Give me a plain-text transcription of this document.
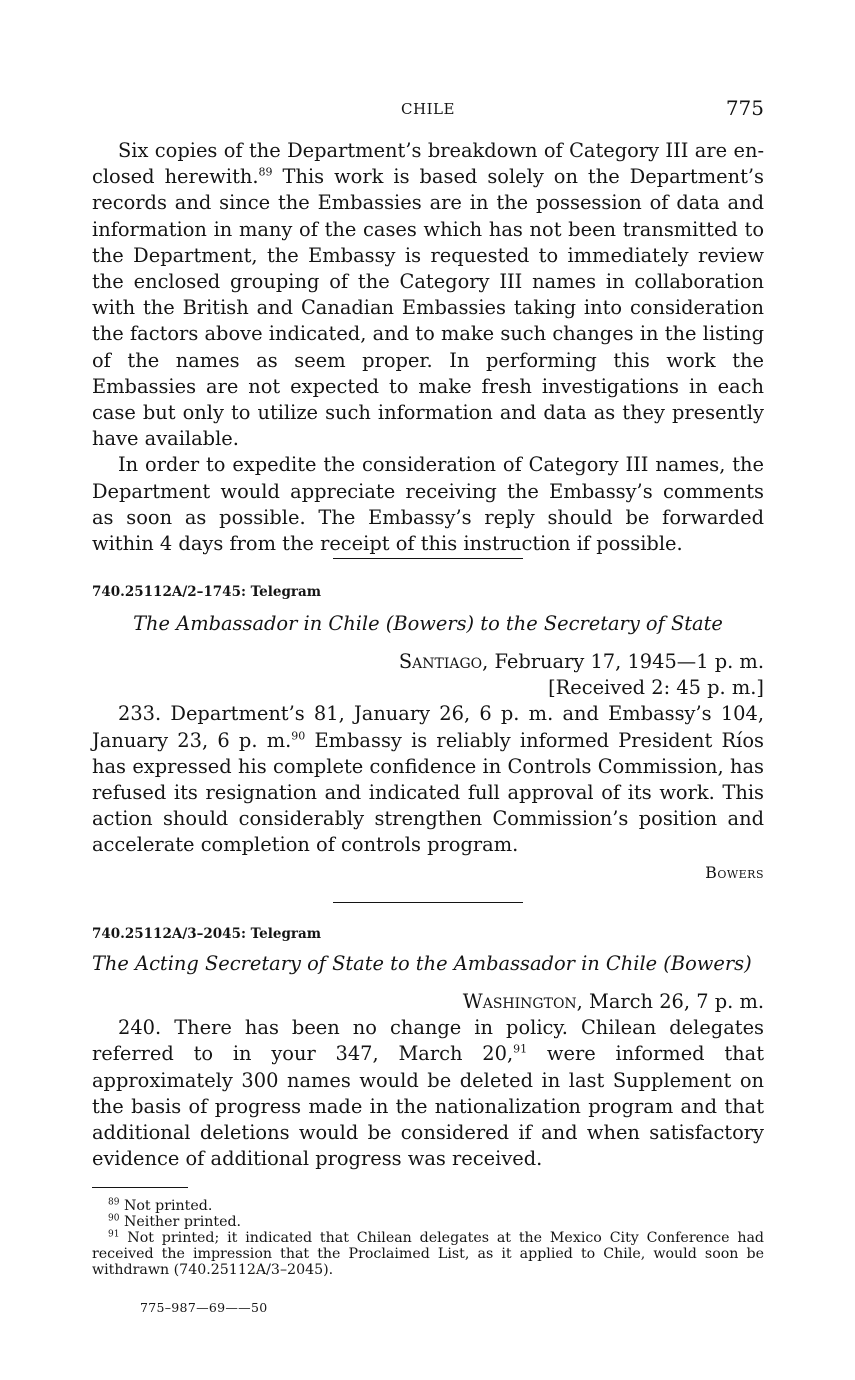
CHILE	775

Six copies of the Department’s breakdown of Category III are en-closed herewith.$^{89}$ This work is based solely on the Department’s records and since the Embassies are in the possession of data and information in many of the cases which has not been transmitted to the Department, the Embassy is requested to immediately review the enclosed grouping of the Category III names in collaboration with the British and Canadian Embassies taking into consideration the factors above indicated, and to make such changes in the listing of the names as seem proper. In performing this work the Embassies are not expected to make fresh investigations in each case but only to utilize such information and data as they presently have available.

In order to expedite the consideration of Category III names, the Department would appreciate receiving the Embassy’s comments as soon as possible. The Embassy’s reply should be forwarded within 4 days from the receipt of this instruction if possible.

740.25112A/2–1745: Telegram

The Ambassador in Chile (Bowers) to the Secretary of State

Santiago, February 17, 1945—1 p. m.

[Received 2: 45 p. m.]

233. Department’s 81, January 26, 6 p. m. and Embassy’s 104, January 23, 6 p. m.$^{90}$ Embassy is reliably informed President Ríos has expressed his complete confidence in Controls Commission, has refused its resignation and indicated full approval of its work. This action should considerably strengthen Commission’s position and accelerate completion of controls program.

Bowers

740.25112A/3–2045: Telegram

The Acting Secretary of State to the Ambassador in Chile (Bowers)

Washington, March 26, 7 p. m.

240. There has been no change in policy. Chilean delegates referred to in your 347, March 20,91 were informed that approximately 300 names would be deleted in last Supplement on the basis of progress made in the nationalization program and that additional deletions would be considered if and when satisfactory evidence of additional progress was received.

$^{89}$ Not printed.

$^{90}$ Neither printed.

$^{91}$ Not printed; it indicated that Chilean delegates at the Mexico City Conference had received the impression that the Proclaimed List, as it applied to Chile, would soon be withdrawn (740.25112A/3–2045).

775–987—69——50
